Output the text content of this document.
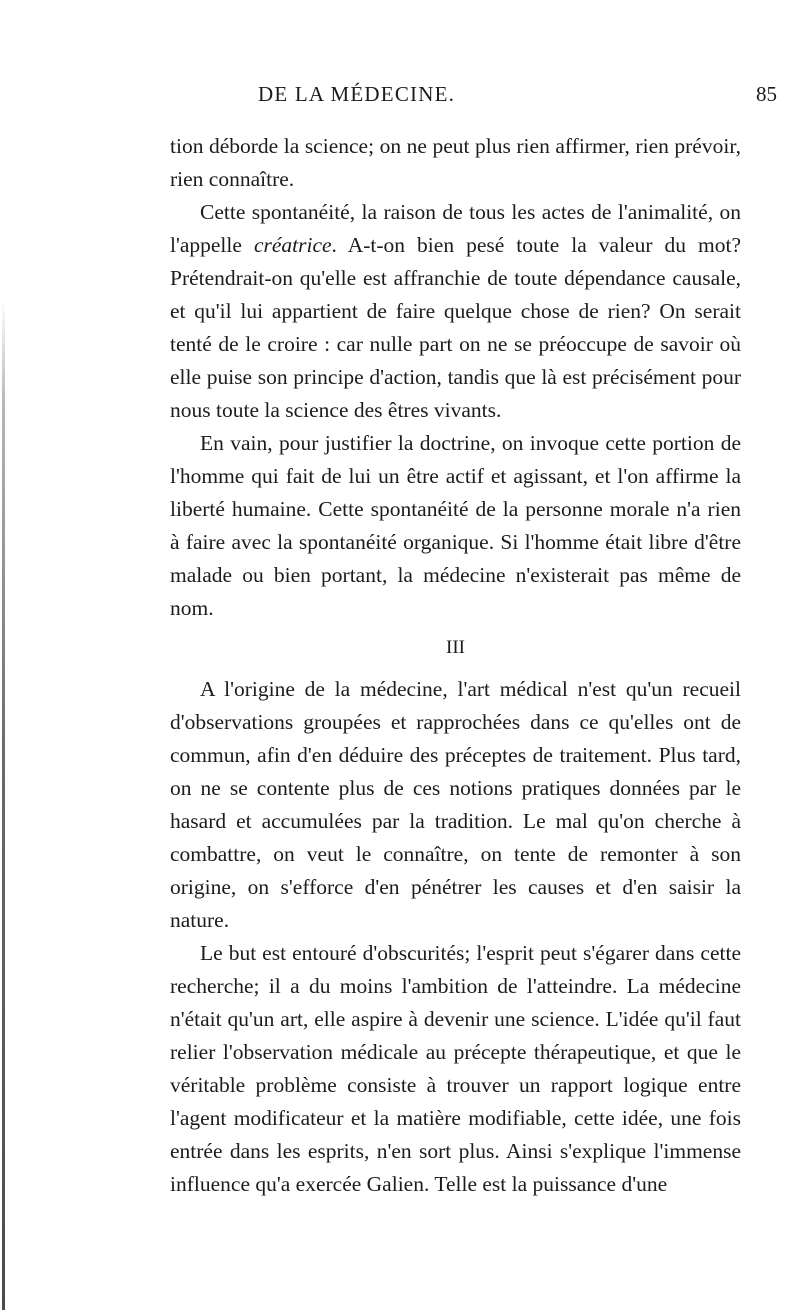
DE LA MÉDECINE.	85

tion déborde la science; on ne peut plus rien affirmer, rien prévoir, rien connaître.

Cette spontanéité, la raison de tous les actes de l'animalité, on l'appelle créatrice. A-t-on bien pesé toute la valeur du mot? Prétendrait-on qu'elle est affranchie de toute dépendance causale, et qu'il lui appartient de faire quelque chose de rien? On serait tenté de le croire : car nulle part on ne se préoccupe de savoir où elle puise son principe d'action, tandis que là est précisément pour nous toute la science des êtres vivants.

En vain, pour justifier la doctrine, on invoque cette portion de l'homme qui fait de lui un être actif et agissant, et l'on affirme la liberté humaine. Cette spontanéité de la personne morale n'a rien à faire avec la spontanéité organique. Si l'homme était libre d'être malade ou bien portant, la médecine n'existerait pas même de nom.

III

A l'origine de la médecine, l'art médical n'est qu'un recueil d'observations groupées et rapprochées dans ce qu'elles ont de commun, afin d'en déduire des préceptes de traitement. Plus tard, on ne se contente plus de ces notions pratiques données par le hasard et accumulées par la tradition. Le mal qu'on cherche à combattre, on veut le connaître, on tente de remonter à son origine, on s'efforce d'en pénétrer les causes et d'en saisir la nature.

Le but est entouré d'obscurités; l'esprit peut s'égarer dans cette recherche; il a du moins l'ambition de l'atteindre. La médecine n'était qu'un art, elle aspire à devenir une science. L'idée qu'il faut relier l'observation médicale au précepte thérapeutique, et que le véritable problème consiste à trouver un rapport logique entre l'agent modificateur et la matière modifiable, cette idée, une fois entrée dans les esprits, n'en sort plus. Ainsi s'explique l'immense influence qu'a exercée Galien. Telle est la puissance d'une
